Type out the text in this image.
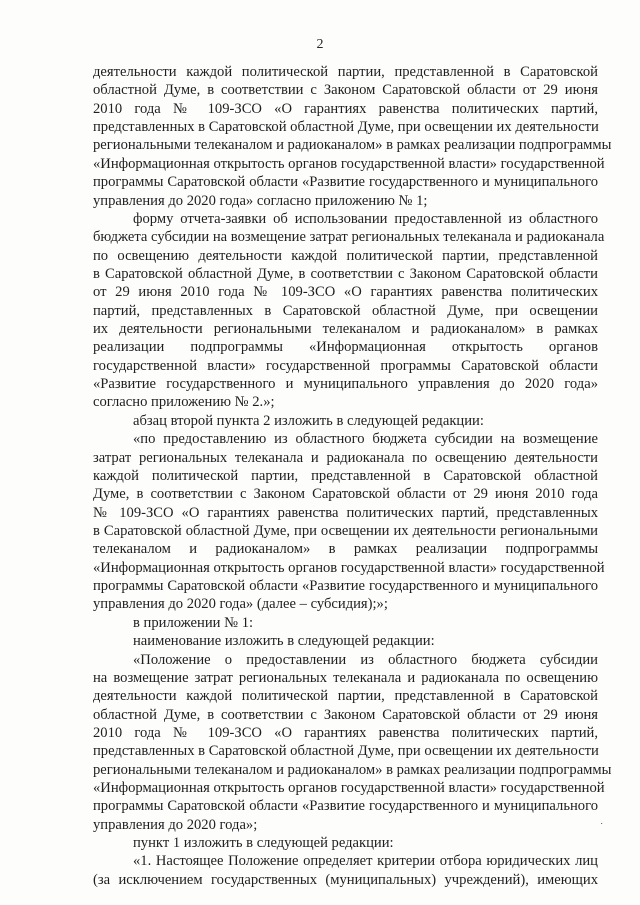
2
деятельности каждой политической партии, представленной в Саратовской
областной Думе, в соответствии с Законом Саратовской области от 29 июня
2010 года № 109-ЗСО «О гарантиях равенства политических партий,
представленных в Саратовской областной Думе, при освещении их деятельности
региональными телеканалом и радиоканалом» в рамках реализации подпрограммы
«Информационная открытость органов государственной власти» государственной
программы Саратовской области «Развитие государственного и муниципального
управления до 2020 года» согласно приложению № 1;
форму отчета-заявки об использовании предоставленной из областного
бюджета субсидии на возмещение затрат региональных телеканала и радиоканала
по освещению деятельности каждой политической партии, представленной
в Саратовской областной Думе, в соответствии с Законом Саратовской области
от 29 июня 2010 года № 109-ЗСО «О гарантиях равенства политических
партий, представленных в Саратовской областной Думе, при освещении
их деятельности региональными телеканалом и радиоканалом» в рамках
реализации подпрограммы «Информационная открытость органов
государственной власти» государственной программы Саратовской области
«Развитие государственного и муниципального управления до 2020 года»
согласно приложению № 2.»;
абзац второй пункта 2 изложить в следующей редакции:
«по предоставлению из областного бюджета субсидии на возмещение
затрат региональных телеканала и радиоканала по освещению деятельности
каждой политической партии, представленной в Саратовской областной
Думе, в соответствии с Законом Саратовской области от 29 июня 2010 года
№ 109-ЗСО «О гарантиях равенства политических партий, представленных
в Саратовской областной Думе, при освещении их деятельности региональными
телеканалом и радиоканалом» в рамках реализации подпрограммы
«Информационная открытость органов государственной власти» государственной
программы Саратовской области «Развитие государственного и муниципального
управления до 2020 года» (далее – субсидия);»;
в приложении № 1:
наименование изложить в следующей редакции:
«Положение о предоставлении из областного бюджета субсидии
на возмещение затрат региональных телеканала и радиоканала по освещению
деятельности каждой политической партии, представленной в Саратовской
областной Думе, в соответствии с Законом Саратовской области от 29 июня
2010 года № 109-ЗСО «О гарантиях равенства политических партий,
представленных в Саратовской областной Думе, при освещении их деятельности
региональными телеканалом и радиоканалом» в рамках реализации подпрограммы
«Информационная открытость органов государственной власти» государственной
программы Саратовской области «Развитие государственного и муниципального
управления до 2020 года»;
пункт 1 изложить в следующей редакции:
«1. Настоящее Положение определяет критерии отбора юридических лиц
(за исключением государственных (муниципальных) учреждений), имеющих
·
